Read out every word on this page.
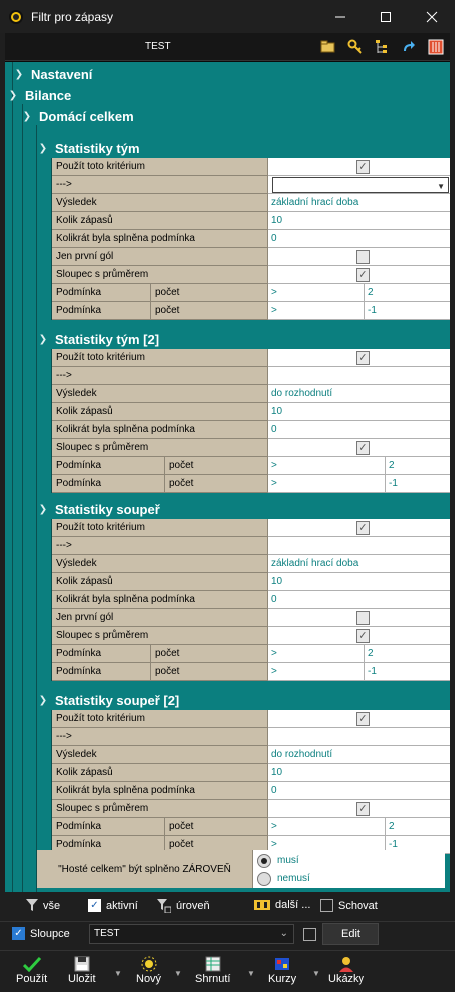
Filtr pro zápasy
TEST
❯ Nastavení
❯ Bilance
❯ Domácí celkem
❯ Statistiky tým
Použít toto kritérium	✓
--->	▼
Výsledek	základní hrací doba
Kolik zápasů	10
Kolikrát byla splněna podmínka	0
Jen první gól
Sloupec s průměrem	✓
Podmínka	počet	>	2
Podmínka	počet	>	-1
❯ Statistiky tým [2]
Použít toto kritérium	✓
--->
Výsledek	do rozhodnutí
Kolik zápasů	10
Kolikrát byla splněna podmínka	0
Sloupec s průměrem	✓
Podmínka	počet	>	2
Podmínka	počet	>	-1
❯ Statistiky soupeř
Použít toto kritérium	✓
--->
Výsledek	základní hrací doba
Kolik zápasů	10
Kolikrát byla splněna podmínka	0
Jen první gól
Sloupec s průměrem	✓
Podmínka	počet	>	2
Podmínka	počet	>	-1
❯ Statistiky soupeř [2]
Použít toto kritérium	✓
--->
Výsledek	do rozhodnutí
Kolik zápasů	10
Kolikrát byla splněna podmínka	0
Sloupec s průměrem	✓
Podmínka	počet	>	2
Podmínka	počet	>	-1
"Hosté celkem" být splněno ZÁROVEŇ
musí
nemusí
vše	✓ aktivní	úroveň	další ...	Schovat
✓ Sloupce	TEST	⌄	Edit
Použít Uložit ▼ Nový ▼ Shrnutí ▼ Kurzy ▼ Ukázky
